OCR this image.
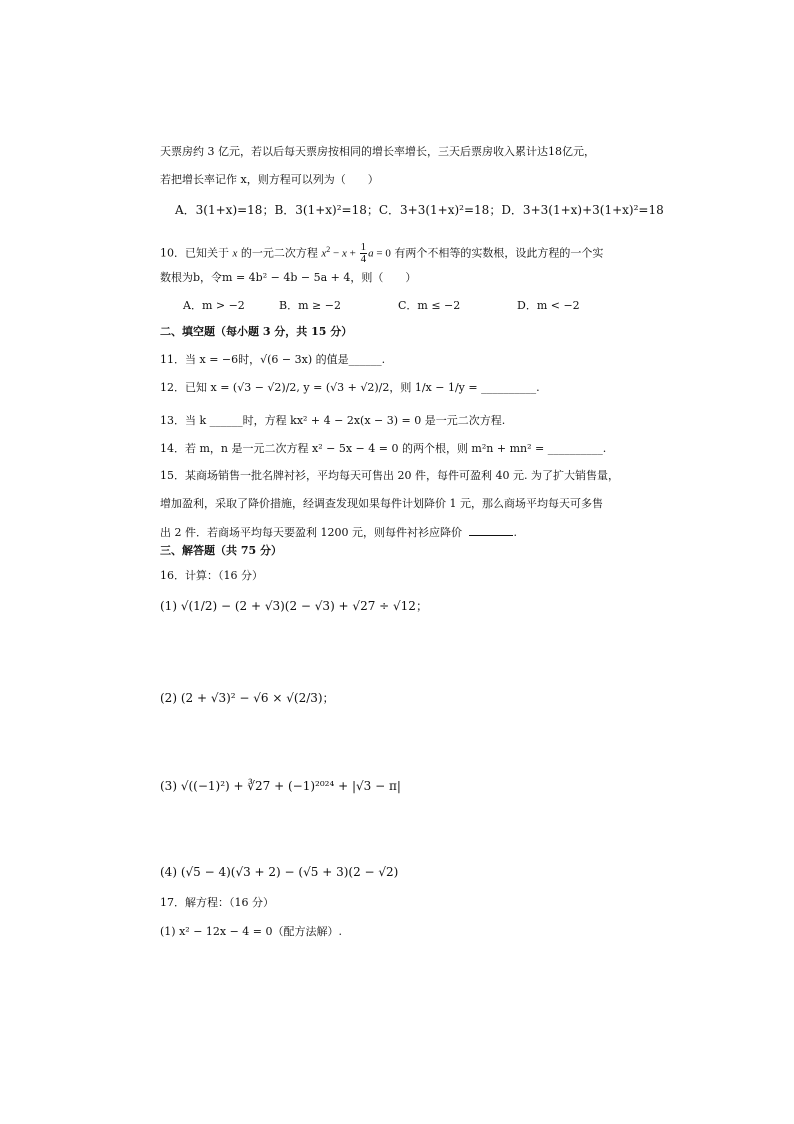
天票房约 3 亿元，若以后每天票房按相同的增长率增长，三天后票房收入累计达18亿元，
若把增长率记作 x，则方程可以列为（　　）
A．3(1+x)=18；B．3(1+x)²=18；C．3+3(1+x)²=18；D．3+3(1+x)+3(1+x)²=18
10．已知关于 x 的一元二次方程 $x^2 - x + \frac{1}{4}$ a = 0 有两个不相等的实数根，设此方程的一个实
数根为b，令m = 4b² − 4b − 5a + 4，则（　　）
A．m > −2	B．m ≥ −2	C．m ≤ −2	D．m < −2
二、填空题（每小题 3 分，共 15 分）
11．当 x = −6时，√(6 − 3x) 的值是______.
12．已知 x = (√3 − √2)/2, y = (√3 + √2)/2，则 1/x − 1/y = __________.
13．当 k ______时，方程 kx² + 4 − 2x(x − 3) = 0 是一元二次方程.
14．若 m，n 是一元二次方程 x² − 5x − 4 = 0 的两个根，则 m²n + mn² = __________.
15．某商场销售一批名牌衬衫，平均每天可售出 20 件，每件可盈利 40 元. 为了扩大销售量，
增加盈利，采取了降价措施，经调查发现如果每件计划降价 1 元，那么商场平均每天可多售
出 2 件．若商场平均每天要盈利 1200 元，则每件衬衫应降价	.
三、解答题（共 75 分）
16．计算：（16 分）
(1) √(1/2) − (2 + √3)(2 − √3) + √27 ÷ √12；
(2) (2 + √3)² − √6 × √(2/3)；
(3) √((−1)²) + ∛27 + (−1)²⁰²⁴ + |√3 − π|
(4) (√5 − 4)(√3 + 2) − (√5 + 3)(2 − √2)
17．解方程：（16 分）
(1) x² − 12x − 4 = 0（配方法解）.
